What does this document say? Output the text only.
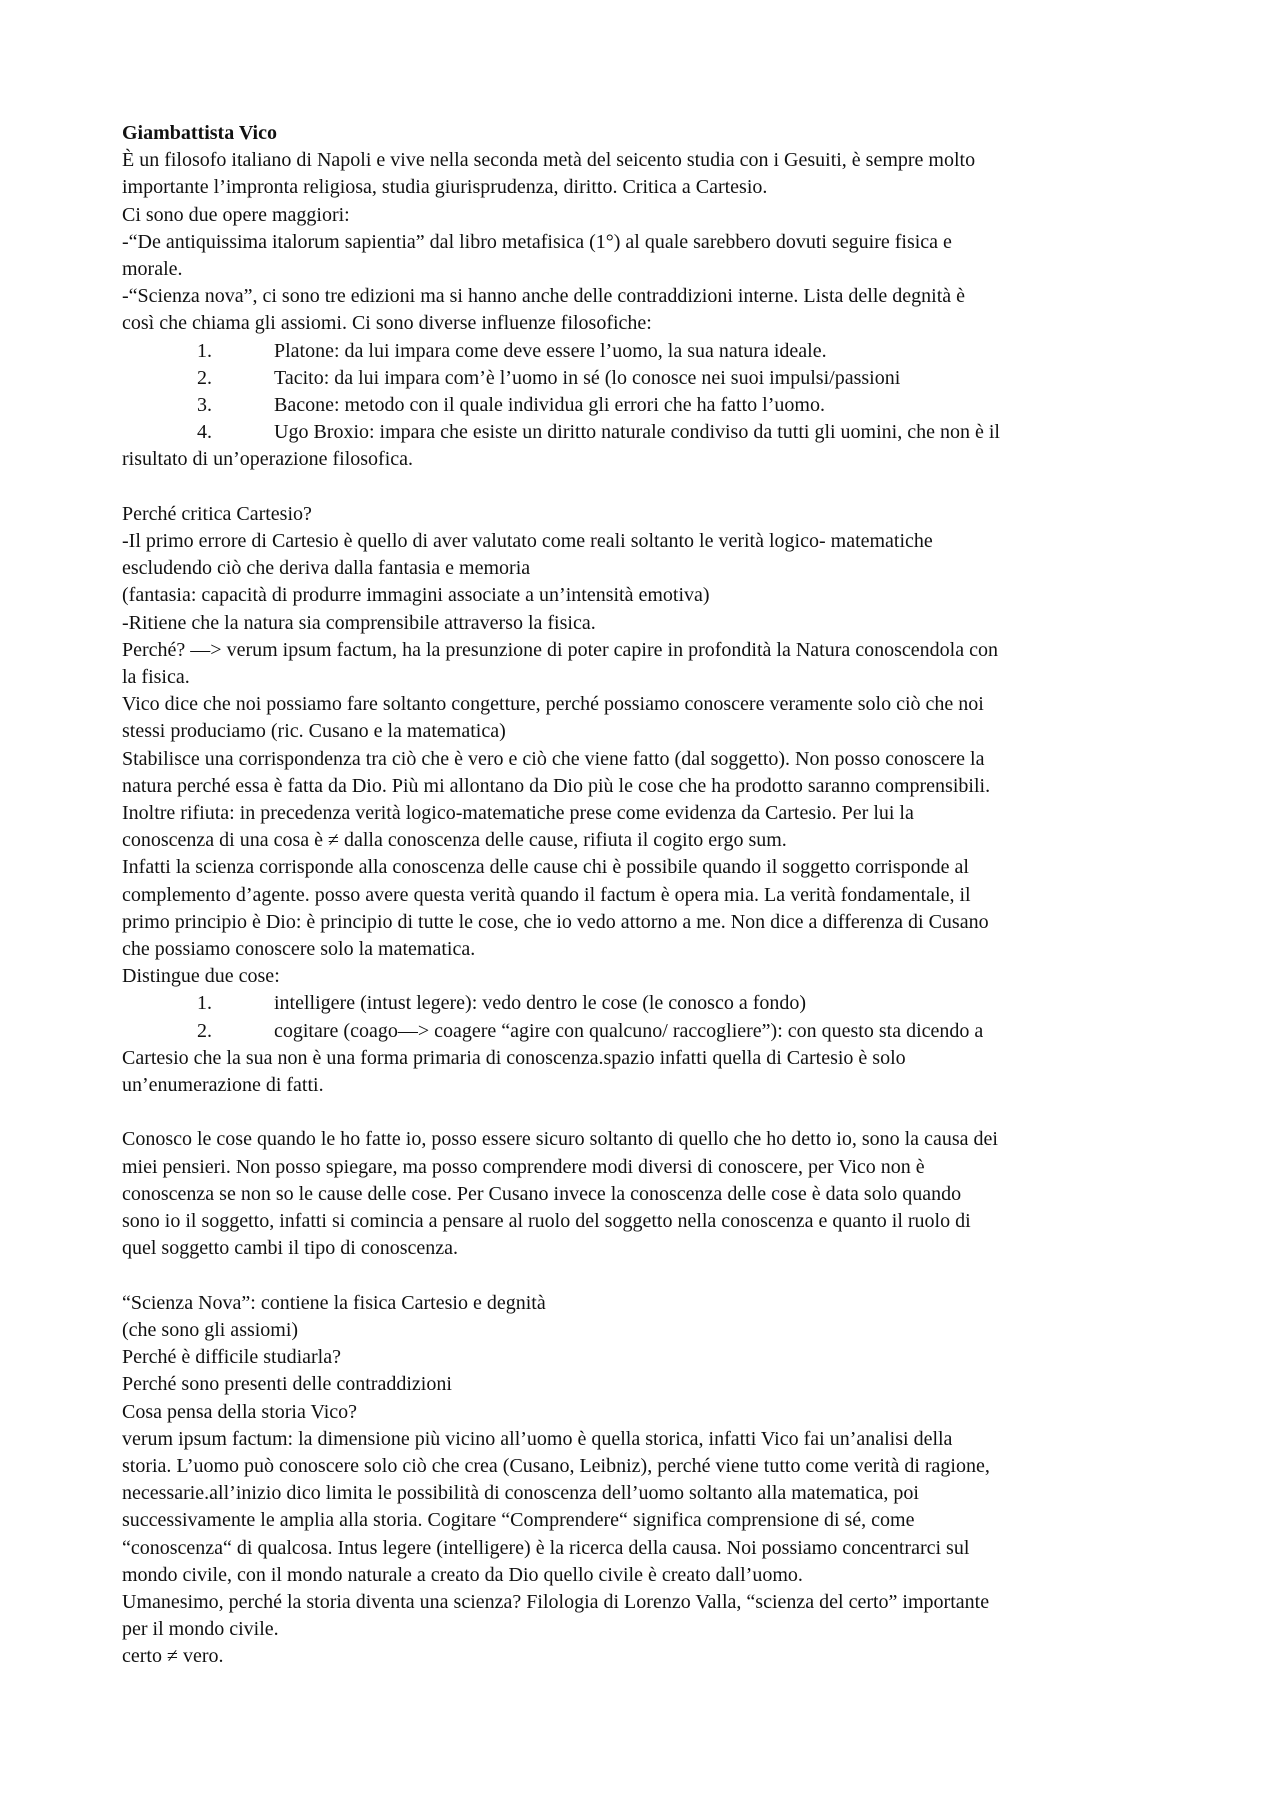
Giambattista Vico
È un filosofo italiano di Napoli e vive nella seconda metà del seicento studia con i Gesuiti, è sempre molto
importante l’impronta religiosa, studia giurisprudenza, diritto. Critica a Cartesio.
Ci sono due opere maggiori:
-“De antiquissima italorum sapientia” dal libro metafisica (1°) al quale sarebbero dovuti seguire fisica e
morale.
-“Scienza nova”, ci sono tre edizioni ma si hanno anche delle contraddizioni interne. Lista delle degnità è
così che chiama gli assiomi. Ci sono diverse influenze filosofiche:
1.	Platone: da lui impara come deve essere l’uomo, la sua natura ideale.
2.	Tacito: da lui impara com’è l’uomo in sé (lo conosce nei suoi impulsi/passioni
3.	Bacone: metodo con il quale individua gli errori che ha fatto l’uomo.
4.	Ugo Broxio: impara che esiste un diritto naturale condiviso da tutti gli uomini, che non è il
risultato di un’operazione filosofica.
Perché critica Cartesio?
-Il primo errore di Cartesio è quello di aver valutato come reali soltanto le verità logico- matematiche
escludendo ciò che deriva dalla fantasia e memoria
(fantasia: capacità di produrre immagini associate a un’intensità emotiva)
-Ritiene che la natura sia comprensibile attraverso la fisica.
Perché? —> verum ipsum factum, ha la presunzione di poter capire in profondità la Natura conoscendola con
la fisica.
Vico dice che noi possiamo fare soltanto congetture, perché possiamo conoscere veramente solo ciò che noi
stessi produciamo (ric. Cusano e la matematica)
Stabilisce una corrispondenza tra ciò che è vero e ciò che viene fatto (dal soggetto). Non posso conoscere la
natura perché essa è fatta da Dio. Più mi allontano da Dio più le cose che ha prodotto saranno comprensibili.
Inoltre rifiuta: in precedenza verità logico-matematiche prese come evidenza da Cartesio. Per lui la
conoscenza di una cosa è ≠ dalla conoscenza delle cause, rifiuta il cogito ergo sum.
Infatti la scienza corrisponde alla conoscenza delle cause chi è possibile quando il soggetto corrisponde al
complemento d’agente. posso avere questa verità quando il factum è opera mia. La verità fondamentale, il
primo principio è Dio: è principio di tutte le cose, che io vedo attorno a me. Non dice a differenza di Cusano
che possiamo conoscere solo la matematica.
Distingue due cose:
1.	intelligere (intust legere): vedo dentro le cose (le conosco a fondo)
2.	cogitare (coago—> coagere “agire con qualcuno/ raccogliere”): con questo sta dicendo a
Cartesio che la sua non è una forma primaria di conoscenza.spazio infatti quella di Cartesio è solo
un’enumerazione di fatti.
Conosco le cose quando le ho fatte io, posso essere sicuro soltanto di quello che ho detto io, sono la causa dei
miei pensieri. Non posso spiegare, ma posso comprendere modi diversi di conoscere, per Vico non è
conoscenza se non so le cause delle cose. Per Cusano invece la conoscenza delle cose è data solo quando
sono io il soggetto, infatti si comincia a pensare al ruolo del soggetto nella conoscenza e quanto il ruolo di
quel soggetto cambi il tipo di conoscenza.
“Scienza Nova”: contiene la fisica Cartesio e degnità
(che sono gli assiomi)
Perché è difficile studiarla?
Perché sono presenti delle contraddizioni
Cosa pensa della storia Vico?
verum ipsum factum: la dimensione più vicino all’uomo è quella storica, infatti Vico fai un’analisi della
storia. L’uomo può conoscere solo ciò che crea (Cusano, Leibniz), perché viene tutto come verità di ragione,
necessarie.all’inizio dico limita le possibilità di conoscenza dell’uomo soltanto alla matematica, poi
successivamente le amplia alla storia. Cogitare “Comprendere“ significa comprensione di sé, come
“conoscenza“ di qualcosa. Intus legere (intelligere) è la ricerca della causa. Noi possiamo concentrarci sul
mondo civile, con il mondo naturale a creato da Dio quello civile è creato dall’uomo.
Umanesimo, perché la storia diventa una scienza? Filologia di Lorenzo Valla, “scienza del certo” importante
per il mondo civile.
certo ≠ vero.
